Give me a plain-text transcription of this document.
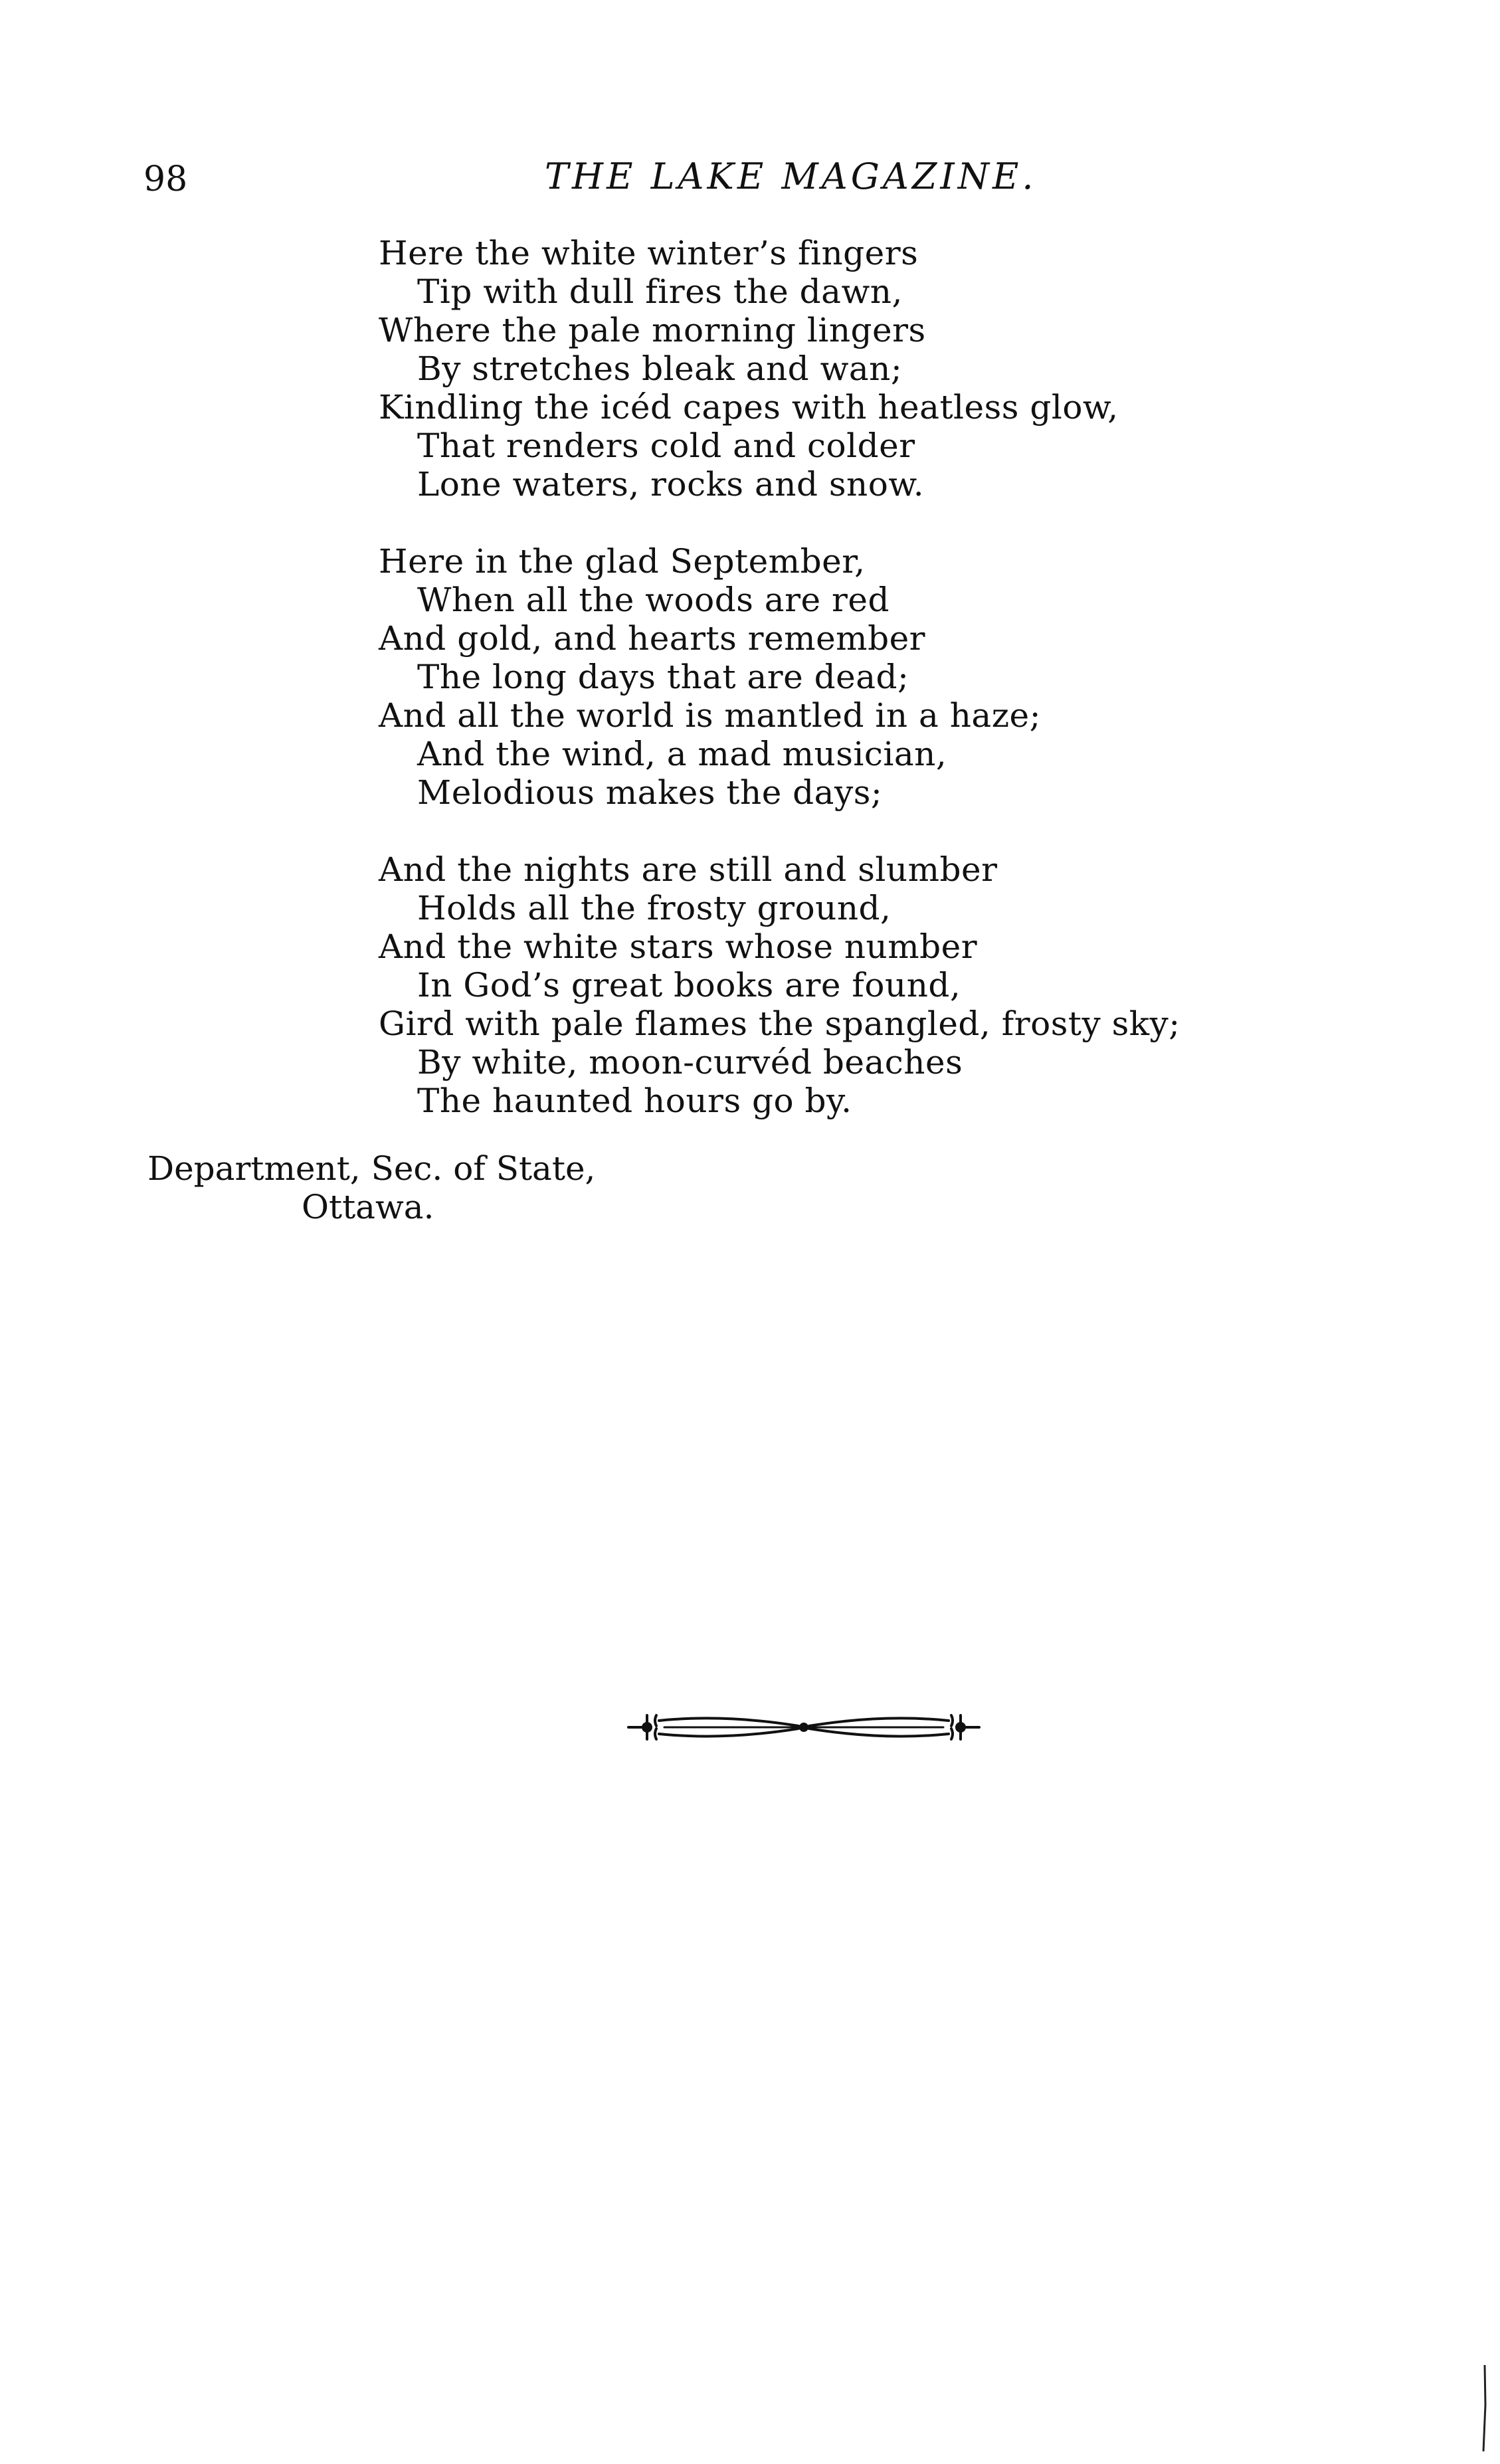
98	THE LAKE MAGAZINE.
Here the white winter’s fingers
Tip with dull fires the dawn,
Where the pale morning lingers
By stretches bleak and wan;
Kindling the icéd capes with heatless glow,
That renders cold and colder
Lone waters, rocks and snow.
Here in the glad September,
When all the woods are red
And gold, and hearts remember
The long days that are dead;
And all the world is mantled in a haze;
And the wind, a mad musician,
Melodious makes the days;
And the nights are still and slumber
Holds all the frosty ground,
And the white stars whose number
In God’s great books are found,
Gird with pale flames the spangled, frosty sky;
By white, moon-curvéd beaches
The haunted hours go by.
Department, Sec. of State,
Ottawa.
